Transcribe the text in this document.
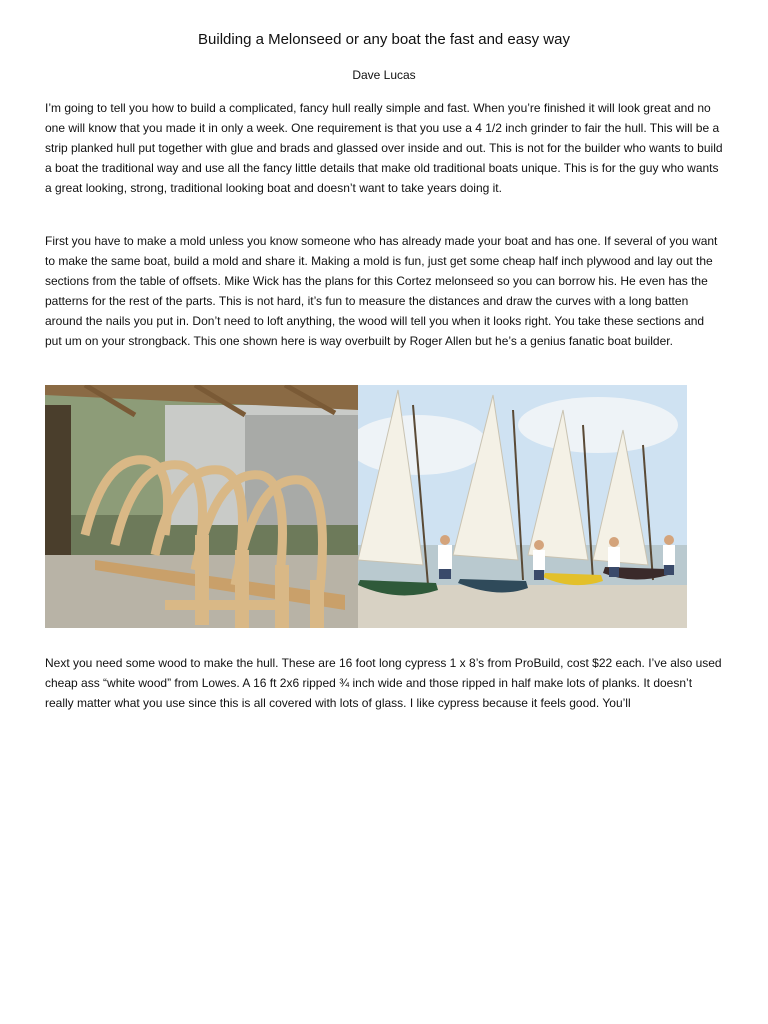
Building a Melonseed or any boat the fast and easy way
Dave Lucas

I’m going to tell you how to build a complicated, fancy hull really simple and fast. When you’re finished it will look great and no one will know that you made it in only a week. One requirement is that you use a 4 1/2 inch grinder to fair the hull. This will be a strip planked hull put together with glue and brads and glassed over inside and out. This is not for the builder who wants to build a boat the traditional way and use all the fancy little details that make old traditional boats unique. This is for the guy who wants a great looking, strong, traditional looking boat and doesn’t want to take years doing it.

First you have to make a mold unless you know someone who has already made your boat and has one. If several of you want to make the same boat, build a mold and share it. Making a mold is fun, just get some cheap half inch plywood and lay out the sections from the table of offsets. Mike Wick has the plans for this Cortez melonseed so you can borrow his. He even has the patterns for the rest of the parts. This is not hard, it’s fun to measure the distances and draw the curves with a long batten around the nails you put in. Don’t need to loft anything, the wood will tell you when it looks right. You take these sections and put um on your strongback. This one shown here is way overbuilt by Roger Allen but he’s a genius fanatic boat builder.

Next you need some wood to make the hull. These are 16 foot long cypress 1 x 8’s from ProBuild, cost $22 each. I’ve also used cheap ass “white wood” from Lowes. A 16 ft 2x6 ripped ¾ inch wide and those ripped in half make lots of planks. It doesn’t really matter what you use since this is all covered with lots of glass. I like cypress because it feels good. You’ll
